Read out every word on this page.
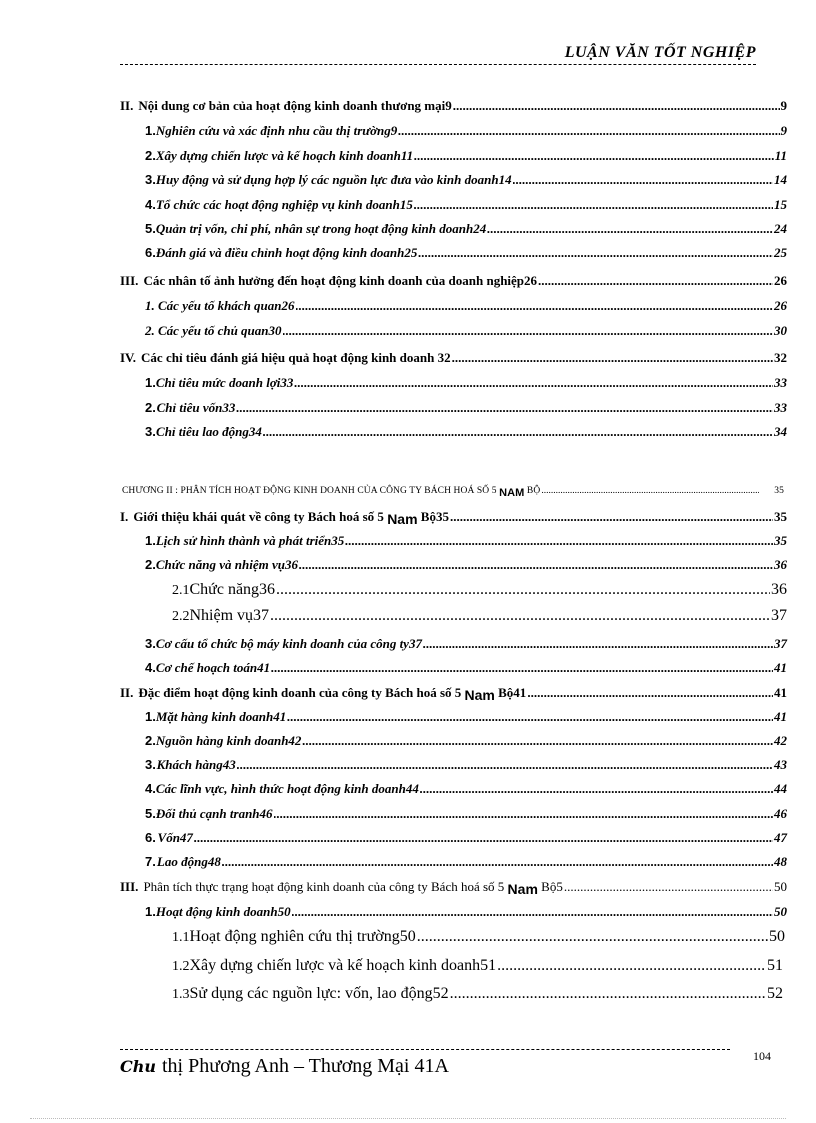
LUẬN VĂN TỐT NGHIỆP
II. Nội dung cơ bản của hoạt động kinh doanh thương mại9 .....	9
1. Nghiên cứu và xác định nhu cầu thị trường9 .....	9
2. Xây dựng chiến lược và kế hoạch kinh doanh11 .....	11
3. Huy động và sử dụng hợp lý các nguồn lực đưa vào kinh doanh14 .....	14
4. Tổ chức các hoạt động nghiệp vụ kinh doanh15 .....	15
5. Quản trị vốn, chi phí, nhân sự trong hoạt động kinh doanh24 .....	24
6. Đánh giá và điều chỉnh hoạt động kinh doanh25 .....	25
III. Các nhân tố ảnh hưởng đến hoạt động kinh doanh của doanh nghiệp26 .....	26
1. Các yếu tố khách quan26 .....	26
2. Các yếu tố chủ quan30 .....	30
IV. Các chỉ tiêu đánh giá hiệu quả hoạt động kinh doanh 32 .....	32
1. Chỉ tiêu mức doanh lợi33 .....	33
2. Chỉ tiêu vốn33 .....	33
3. Chỉ tiêu lao động34 .....	34
CHƯƠNG II : PHÂN TÍCH HOẠT ĐỘNG KINH DOANH CỦA CÔNG TY BÁCH HOÁ SỐ 5 NAM BỘ .....	35
I. Giới thiệu khái quát về công ty Bách hoá số 5 Nam Bộ35 .....	35
1. Lịch sử hình thành và phát triển35 .....	35
2. Chức năng và nhiệm vụ36 .....	36
2.1 Chức năng36 .....	36
2.2 Nhiệm vụ37 .....	37
3. Cơ cấu tổ chức bộ máy kinh doanh của công ty37 .....	37
4. Cơ chế hoạch toán41 .....	41
II. Đặc điểm hoạt động kinh doanh của công ty Bách hoá số 5 Nam Bộ41 .....	41
1. Mặt hàng kinh doanh41 .....	41
2. Nguồn hàng kinh doanh42 .....	42
3. Khách hàng43 .....	43
4. Các lĩnh vực, hình thức hoạt động kinh doanh44 .....	44
5. Đối thủ cạnh tranh46 .....	46
6. Vốn47 .....	47
7. Lao động48 .....	48
III. Phân tích thực trạng hoạt động kinh doanh của công ty Bách hoá số 5 Nam Bộ5 .....	50
1. Hoạt động kinh doanh50 .....	50
1.1 Hoạt động nghiên cứu thị trường50 .....	50
1.2 Xây dựng chiến lược và kế hoạch kinh doanh51 .....	51
1.3 Sử dụng các nguồn lực: vốn, lao động52 .....	52
Chu thị Phương Anh – Thương Mại 41A	104
